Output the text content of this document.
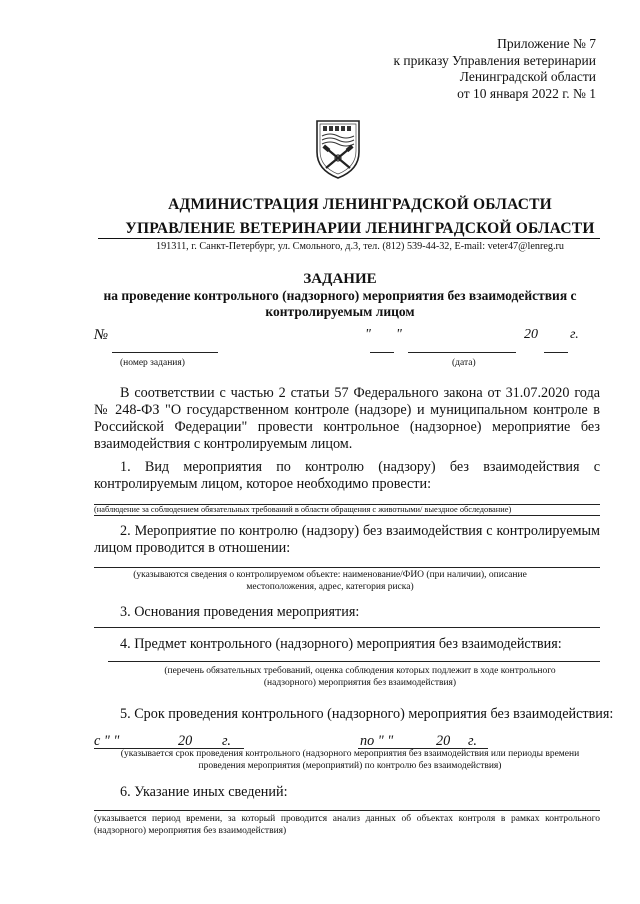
Приложение № 7
к приказу Управления ветеринарии
Ленинградской области
от 10 января 2022 г. № 1
АДМИНИСТРАЦИЯ ЛЕНИНГРАДСКОЙ ОБЛАСТИ
УПРАВЛЕНИЕ ВЕТЕРИНАРИИ ЛЕНИНГРАДСКОЙ ОБЛАСТИ
191311, г. Санкт-Петербург, ул. Смольного, д.3, тел. (812) 539-44-32, E-mail: veter47@lenreg.ru
ЗАДАНИЕ
на проведение контрольного (надзорного) мероприятия без взаимодействия с контролируемым лицом
№	" "	20 г.
(номер задания)	(дата)
В соответствии с частью 2 статьи 57 Федерального закона от 31.07.2020 года № 248-ФЗ "О государственном контроле (надзоре) и муниципальном контроле в Российской Федерации" провести контрольное (надзорное) мероприятие без взаимодействия с контролируемым лицом.
1. Вид мероприятия по контролю (надзору) без взаимодействия с контролируемым лицом, которое необходимо провести:
(наблюдение за соблюдением обязательных требований в области обращения с животными/ выездное обследование)
2. Мероприятие по контролю (надзору) без взаимодействия с контролируемым лицом проводится в отношении:
(указываются сведения о контролируемом объекте: наименование/ФИО (при наличии), описание местоположения, адрес, категория риска)
3. Основания проведения мероприятия:
4. Предмет контрольного (надзорного) мероприятия без взаимодействия:
(перечень обязательных требований, оценка соблюдения которых подлежит в ходе контрольного (надзорного) мероприятия без взаимодействия)
5. Срок проведения контрольного (надзорного) мероприятия без взаимодействия:
с " "	20 г.	по " "	20 г.
(указывается срок проведения контрольного (надзорного мероприятия без взаимодействия или периоды времени проведения мероприятия (мероприятий) по контролю без взаимодействия)
6. Указание иных сведений:
(указывается период времени, за который проводится анализ данных об объектах контроля в рамках контрольного (надзорного) мероприятия без взаимодействия)
